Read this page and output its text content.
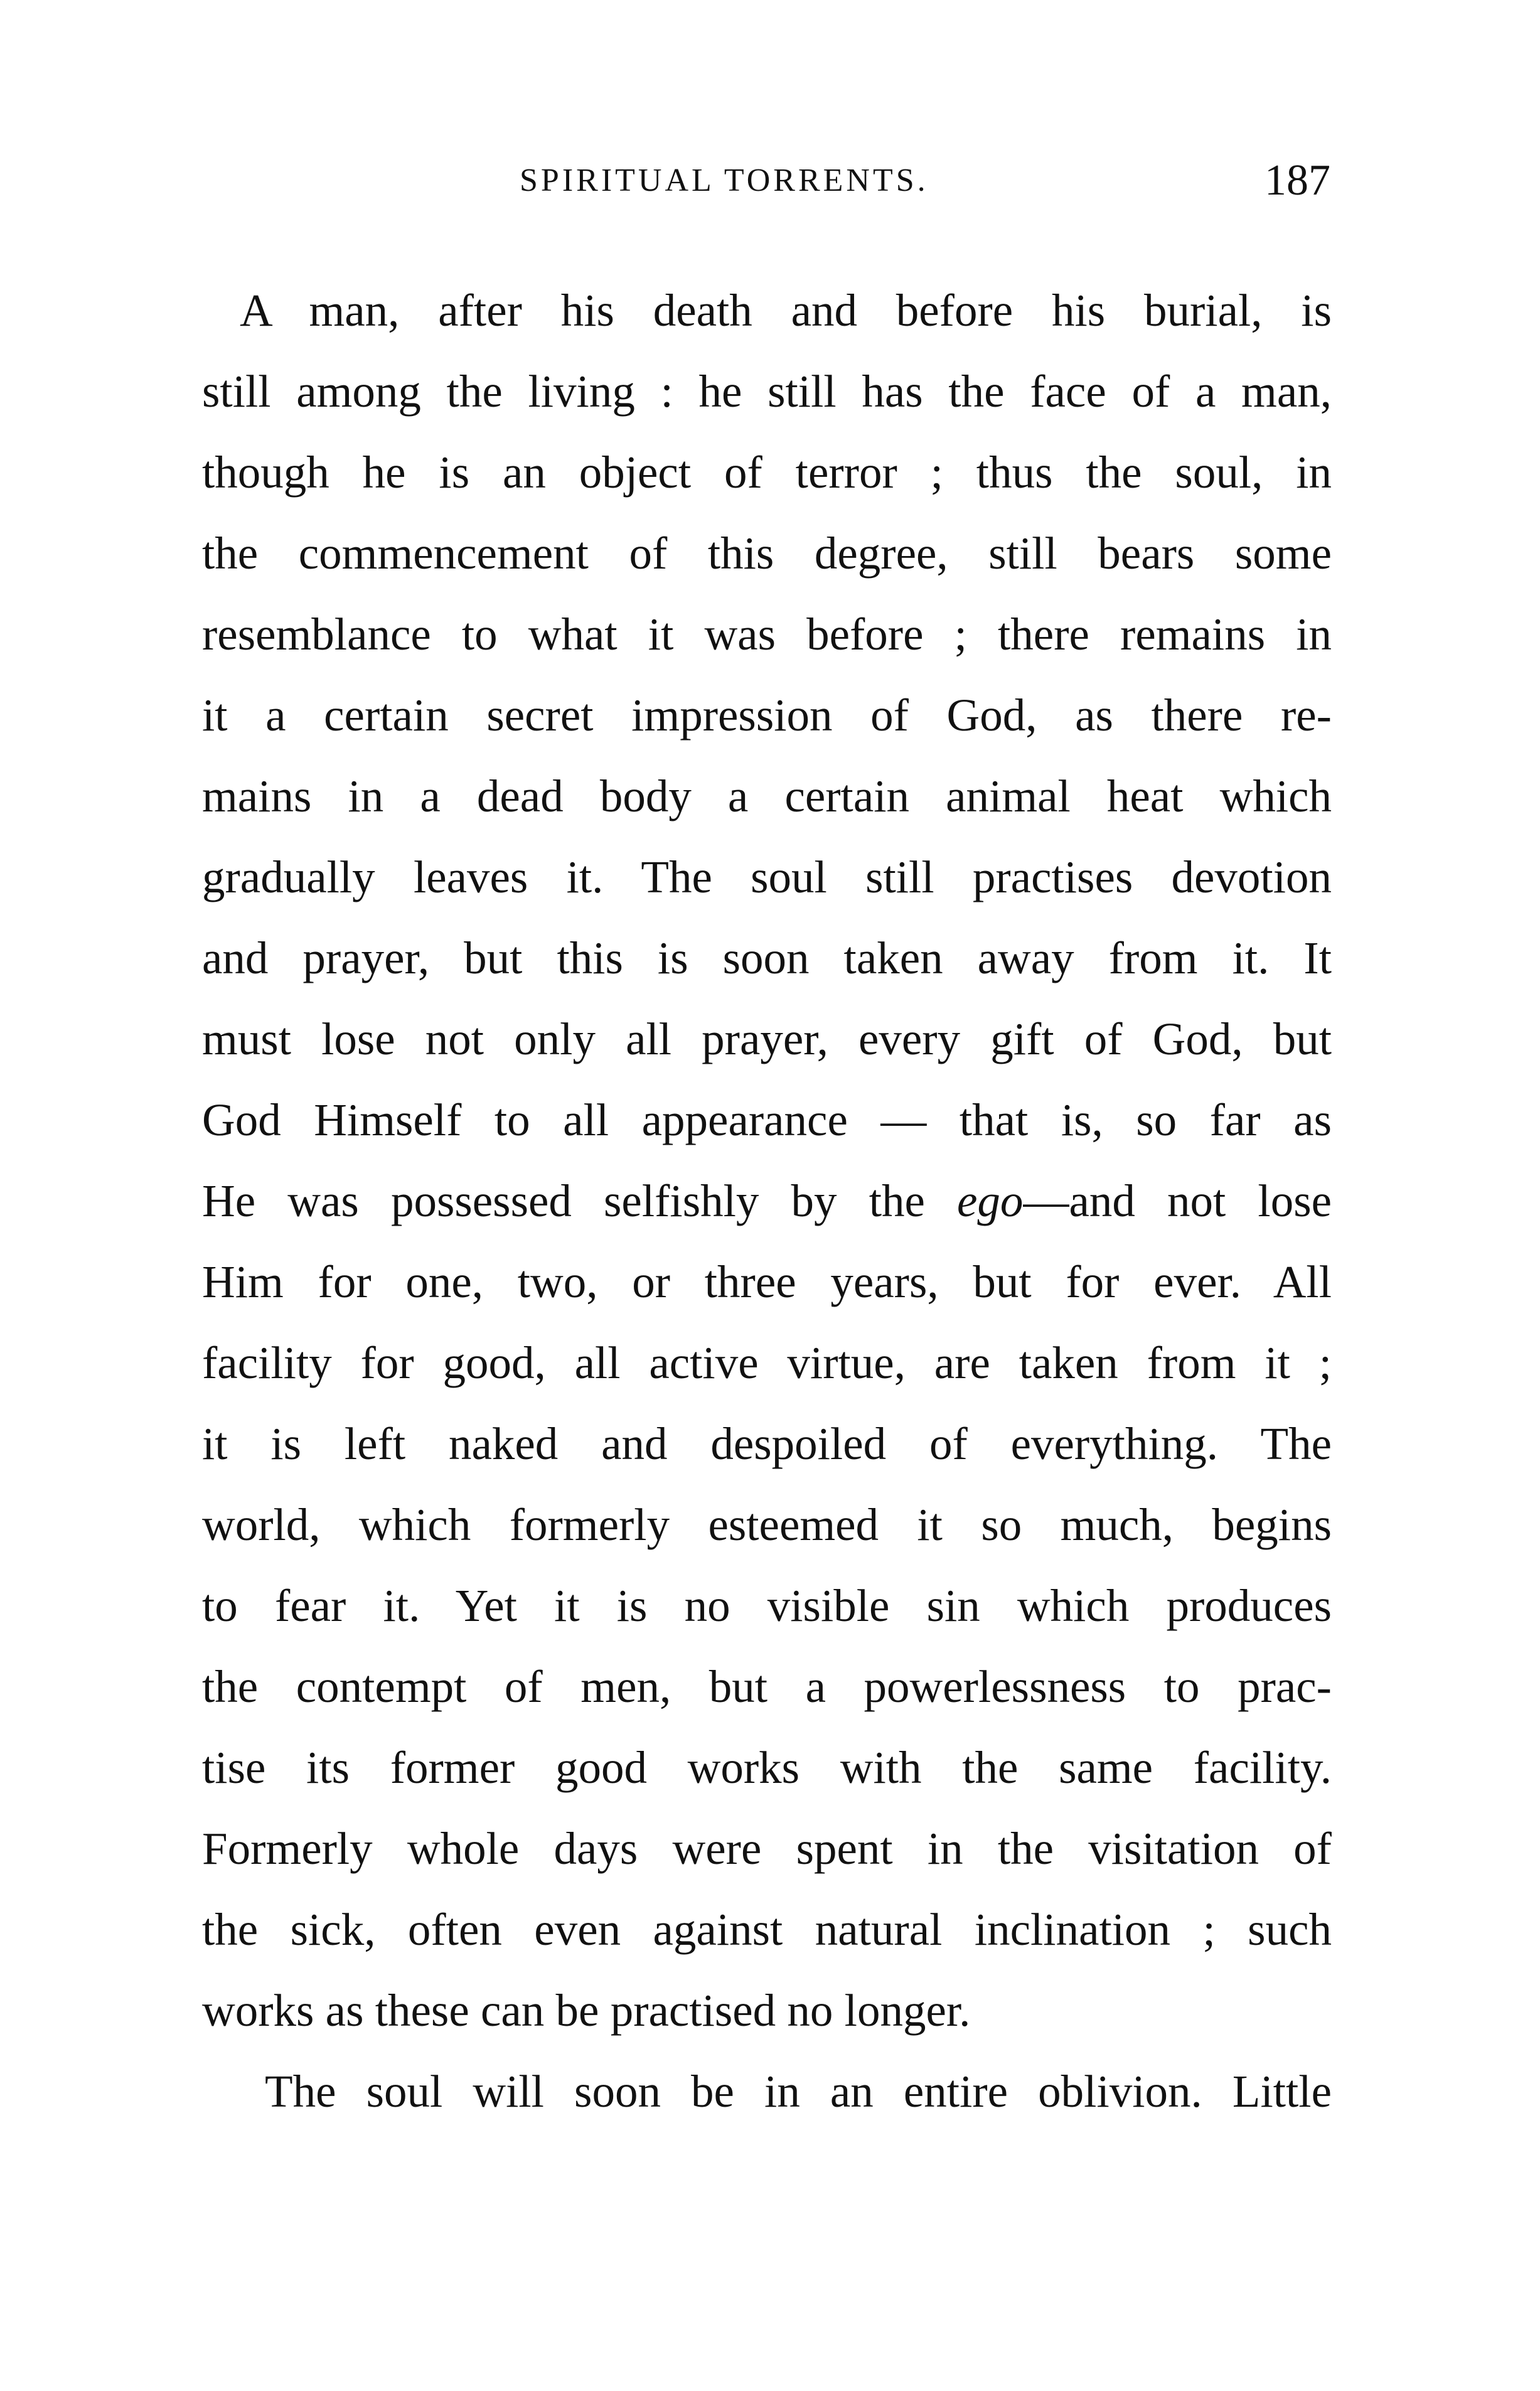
SPIRITUAL TORRENTS.	187
A man, after his death and before his burial, is
still among the living : he still has the face of a man,
though he is an object of terror ; thus the soul, in
the commencement of this degree, still bears some
resemblance to what it was before ; there remains in
it a certain secret impression of God, as there re-
mains in a dead body a certain animal heat which
gradually leaves it. The soul still practises devotion
and prayer, but this is soon taken away from it. It
must lose not only all prayer, every gift of God, but
God Himself to all appearance — that is, so far as
He was possessed selfishly by the ego—and not lose
Him for one, two, or three years, but for ever. All
facility for good, all active virtue, are taken from it ;
it is left naked and despoiled of everything. The
world, which formerly esteemed it so much, begins
to fear it. Yet it is no visible sin which produces
the contempt of men, but a powerlessness to prac-
tise its former good works with the same facility.
Formerly whole days were spent in the visitation of
the sick, often even against natural inclination ; such
works as these can be practised no longer.
The soul will soon be in an entire oblivion. Little
